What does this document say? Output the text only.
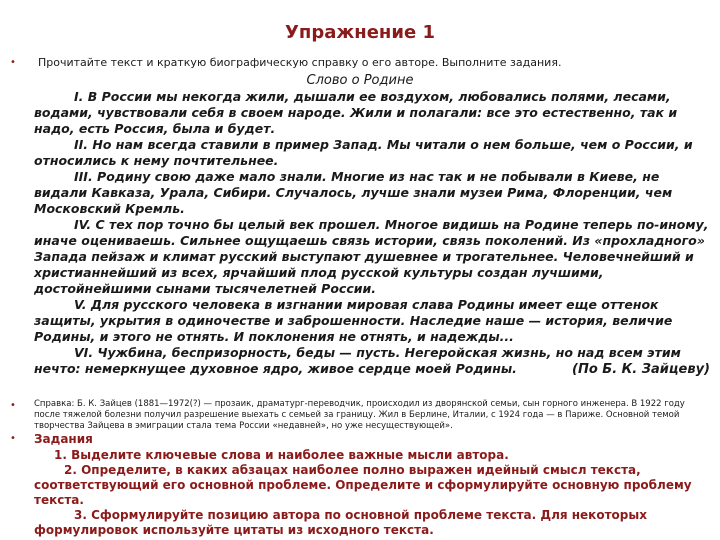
Упражнение 1
• Прочитайте текст и краткую биографическую справку о его авторе. Выполните задания.
Слово о Родине

I. В России мы некогда жили, дышали ее воздухом, любовались полями, лесами, водами, чувствовали себя в своем народе. Жили и полагали: все это естественно, так и надо, есть Россия, была и будет.

II. Но нам всегда ставили в пример Запад. Мы читали о нем больше, чем о России, и относились к нему почтительнее.

III. Родину свою даже мало знали. Многие из нас так и не побывали в Киеве, не видали Кавказа, Урала, Сибири. Случалось, лучше знали музеи Рима, Флоренции, чем Московский Кремль.

IV. С тех пор точно бы целый век прошел. Многое видишь на Родине теперь по-иному, иначе оцениваешь. Сильнее ощущаешь связь истории, связь поколений. Из «прохладного» Запада пейзаж и климат русский выступают душевнее и трогательнее. Человечнейший и христианнейший из всех, ярчайший плод русской культуры создан лучшими, достойнейшими сынами тысячелетней России.

V. Для русского человека в изгнании мировая слава Родины имеет еще оттенок защиты, укрытия в одиночестве и заброшенности. Наследие наше — история, величие Родины, и этого не отнять. И поклонения не отнять, и надежды...

VI. Чужбина, беспризорность, беды — пусть. Негеройская жизнь, но над всем этим нечто: немеркнущее духовное ядро, живое сердце моей Родины.	(По Б. К. Зайцеву)
• Справка: Б. К. Зайцев (1881—1972(?) — прозаик, драматург-переводчик, происходил из дворянской семьи, сын горного инженера. В 1922 году после тяжелой болезни получил разрешение выехать с семьей за границу. Жил в Берлине, Италии, с 1924 года — в Париже. Основной темой творчества Зайцева в эмиграции стала тема России «недавней», но уже несуществующей».
• Задания

1. Выделите ключевые слова и наиболее важные мысли автора.

2. Определите, в каких абзацах наиболее полно выражен идейный смысл текста, соответствующий его основной проблеме. Определите и сформулируйте основную проблему текста.

3. Сформулируйте позицию автора по основной проблеме текста. Для некоторых формулировок используйте цитаты из исходного текста.
